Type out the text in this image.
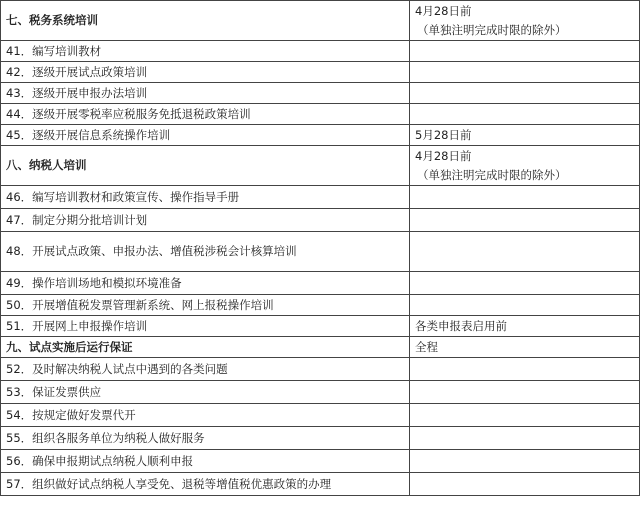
七、税务系统培训	4月28日前
（单独注明完成时限的除外）

41．编写培训教材	

42．逐级开展试点政策培训	

43．逐级开展申报办法培训	

44．逐级开展零税率应税服务免抵退税政策培训	

45．逐级开展信息系统操作培训	5月28日前

八、纳税人培训	4月28日前
（单独注明完成时限的除外）

46．编写培训教材和政策宣传、操作指导手册	

47．制定分期分批培训计划	

48．开展试点政策、申报办法、增值税涉税会计核算培训	

49．操作培训场地和模拟环境准备	

50．开展增值税发票管理新系统、网上报税操作培训	

51．开展网上申报操作培训	各类申报表启用前

九、试点实施后运行保证	全程

52．及时解决纳税人试点中遇到的各类问题	

53．保证发票供应	

54．按规定做好发票代开	

55．组织各服务单位为纳税人做好服务	

56．确保申报期试点纳税人顺利申报	

57．组织做好试点纳税人享受免、退税等增值税优惠政策的办理	
